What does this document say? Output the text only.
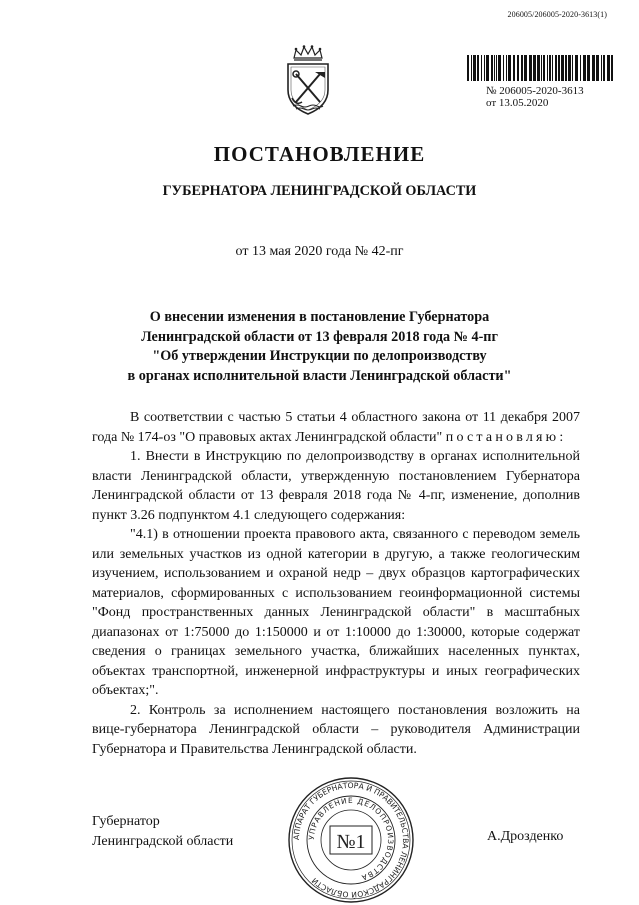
206005/206005-2020-3613(1)
№ 206005-2020-3613
от 13.05.2020
ПОСТАНОВЛЕНИЕ
ГУБЕРНАТОРА ЛЕНИНГРАДСКОЙ ОБЛАСТИ
от 13 мая 2020 года № 42-пг
О внесении изменения в постановление Губернатора
Ленинградской области от 13 февраля 2018 года № 4-пг
"Об утверждении Инструкции по делопроизводству
в органах исполнительной власти Ленинградской области"

В соответствии с частью 5 статьи 4 областного закона от 11 декабря 2007 года № 174-оз "О правовых актах Ленинградской области" постановляю:

1. Внести в Инструкцию по делопроизводству в органах исполнительной власти Ленинградской области, утвержденную постановлением Губернатора Ленинградской области от 13 февраля 2018 года № 4-пг, изменение, дополнив пункт 3.26 подпунктом 4.1 следующего содержания:

"4.1) в отношении проекта правового акта, связанного с переводом земель или земельных участков из одной категории в другую, а также геологическим изучением, использованием и охраной недр – двух образцов картографических материалов, сформированных с использованием геоинформационной системы "Фонд пространственных данных Ленинградской области" в масштабных диапазонах от 1:75000 до 1:150000 и от 1:10000 до 1:30000, которые содержат сведения о границах земельного участка, ближайших населенных пунктах, объектах транспортной, инженерной инфраструктуры и иных географических объектах;".

2. Контроль за исполнением настоящего постановления возложить на вице-губернатора Ленинградской области – руководителя Администрации Губернатора и Правительства Ленинградской области.

Губернатор
Ленинградской области	А.Дрозденко
АППАРАТ ГУБЕРНАТОРА И ПРАВИТЕЛЬСТВА ЛЕНИНГРАДСКОЙ ОБЛАСТИ
УПРАВЛЕНИЕ ДЕЛОПРОИЗВОДСТВА
№1
